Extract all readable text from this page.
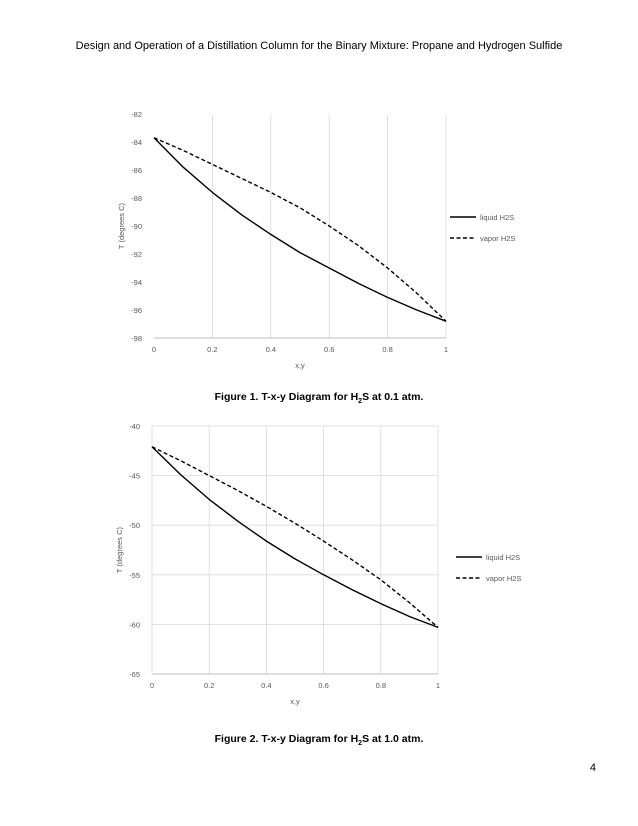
Design and Operation of a Distillation Column for the Binary Mixture: Propane and Hydrogen Sulfide
-82
-84
-86
-88
-90
-92
-94
-96
-98
0	0.2	0.4	0.6	0.8	1
x,y
T (degrees C)	liquid H2S
vapor H2S
Figure 1. T-x-y Diagram for $H_2S$ at 0.1 atm.
-40
-45
-50
-55
-60
-65
0	0.2	0.4	0.6	0.8	1
x,y
T (degrees C)	liquid H2S
vapor H2S
Figure 2. T-x-y Diagram for $H_2S$ at 1.0 atm.
4
